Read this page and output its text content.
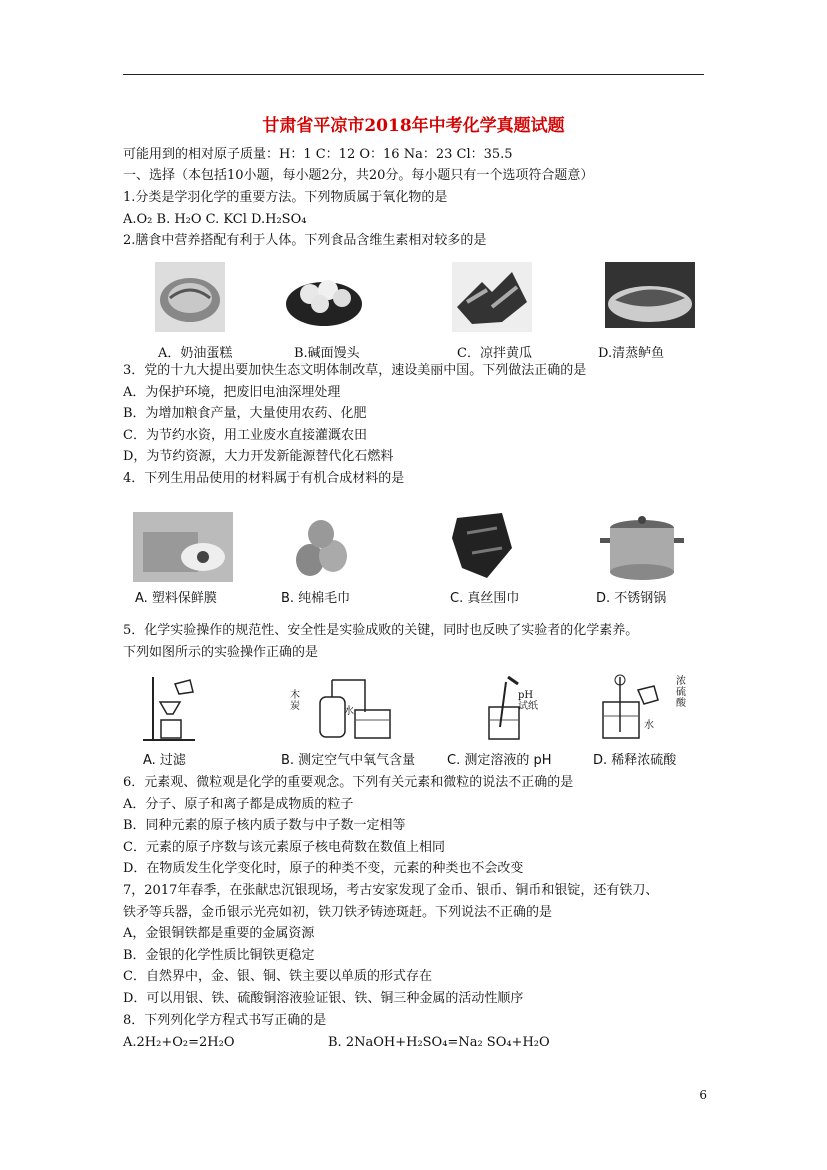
甘肃省平凉市2018年中考化学真题试题
可能用到的相对原子质量：H：1 C：12 O：16 Na：23 Cl：35.5
一、选择（本包括10小题，每小题2分，共20分。每小题只有一个选项符合题意）
1.分类是学羽化学的重要方法。下列物质属于氧化物的是
A.O₂ B. H₂O C. KCl D.H₂SO₄
2.膳食中营养搭配有利于人体。下列食品含维生素相对较多的是
A．奶油蛋糕	B.碱面馒头	C．凉拌黄瓜	D.清蒸鲈鱼
3．党的十九大提出要加快生态文明体制改草，速设美丽中国。下列做法正确的是
A．为保护环境，把废旧电油深埋处理
B．为增加粮食产量，大量使用农药、化肥
C．为节约水资，用工业废水直接灌溉农田
D，为节约资源，大力开发新能源替代化石燃料
4．下列生用品使用的材料属于有机合成材料的是
A. 塑料保鲜膜	B. 纯棉毛巾	C. 真丝围巾	D. 不锈钢锅
5．化学实验操作的规范性、安全性是实验成败的关键，同时也反映了实验者的化学素养。
下列如图所示的实验操作正确的是
木炭	水
pH试纸
浓硫酸
水
A. 过滤	B. 测定空气中氧气含量 C. 测定溶液的 pH	D. 稀释浓硫酸
6．元素观、微粒观是化学的重要观念。下列有关元素和微粒的说法不正确的是
A．分子、原子和离子都是成物质的粒子
B．同种元素的原子核内质子数与中子数一定相等
C．元素的原子序数与该元素原子核电荷数在数值上相同
D．在物质发生化学变化时，原子的种类不变，元素的种类也不会改变
7，2017年春季，在张献忠沉银现场，考古安家发现了金币、银币、铜币和银锭，还有铁刀、
铁矛等兵器，金币银示光亮如初，铁刀铁矛铸迹斑赶。下列说法不正确的是
A，金银铜铁都是重要的金属资源
B．金银的化学性质比铜铁更稳定
C．自然界中，金、银、铜、铁主要以单质的形式存在
D．可以用银、铁、硫酸铜溶液验证银、铁、铜三种金属的活动性顺序
8．下列列化学方程式书写正确的是
A.2H₂+O₂=2H₂O	B. 2NaOH+H₂SO₄=Na₂ SO₄+H₂O
6
